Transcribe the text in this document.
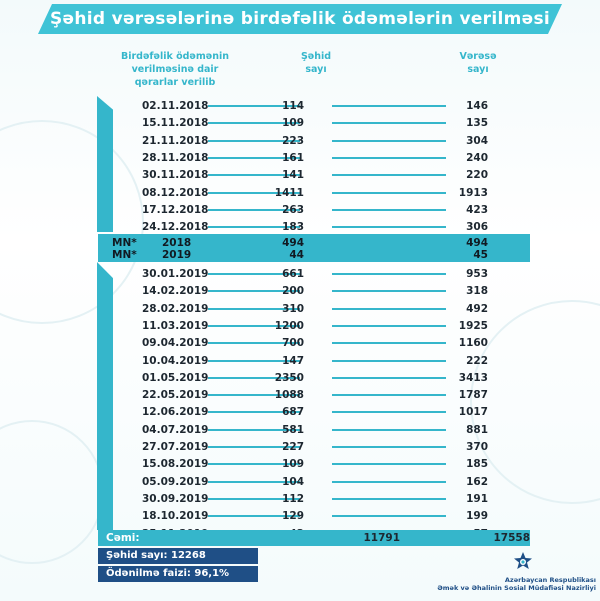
Şəhid vərəsələrinə birdəfəlik ödəmələrin verilməsi
Birdəfəlik ödəmənin
verilməsinə dair
qərarlar verilib
Şəhid
sayı
Vərəsə
sayı
02.11.2018	114	146
15.11.2018	109	135
21.11.2018	223	304
28.11.2018	161	240
30.11.2018	141	220
08.12.2018	1411	1913
17.12.2018	263	423
24.12.2018	183	306
MN* 2018	494	494
MN* 2019	44	45
30.01.2019	661	953
14.02.2019	200	318
28.02.2019	310	492
11.03.2019	1200	1925
09.04.2019	700	1160
10.04.2019	147	222
01.05.2019	2350	3413
22.05.2019	1088	1787
12.06.2019	687	1017
04.07.2019	581	881
27.07.2019	227	370
15.08.2019	109	185
05.09.2019	104	162
30.09.2019	112	191
18.10.2019	129	199
Cəmi:	11791	17558
Şəhid sayı: 12268
Ödənilmə faizi: 96,1%
Azərbaycan Respublikası
Əmək və Əhalinin Sosial Müdafiəsi Nazirliyi
